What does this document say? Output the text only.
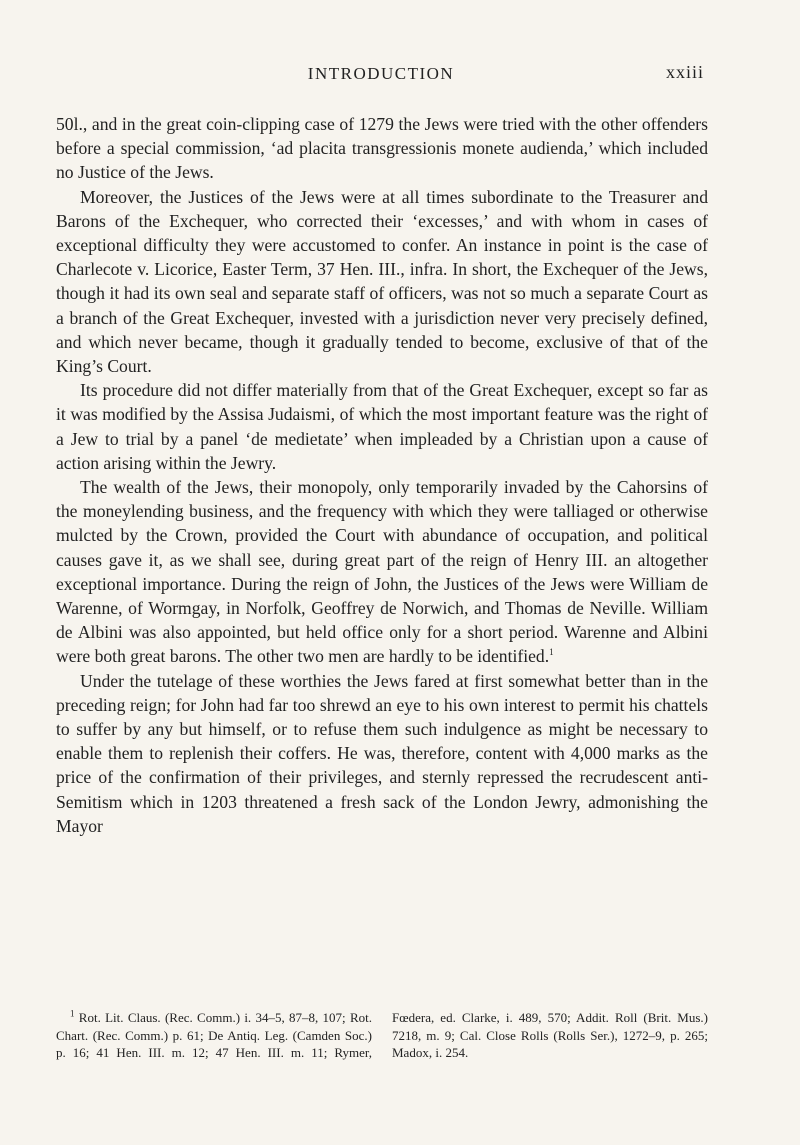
INTRODUCTION	xxiii

50l., and in the great coin-clipping case of 1279 the Jews were tried with the other offenders before a special commission, ‘ad placita transgressionis monete audienda,’ which included no Justice of the Jews.

Moreover, the Justices of the Jews were at all times subordinate to the Treasurer and Barons of the Exchequer, who corrected their ‘excesses,’ and with whom in cases of exceptional difficulty they were accustomed to confer. An instance in point is the case of Charlecote v. Licorice, Easter Term, 37 Hen. III., infra. In short, the Exchequer of the Jews, though it had its own seal and separate staff of officers, was not so much a separate Court as a branch of the Great Exchequer, invested with a jurisdiction never very precisely defined, and which never became, though it gradually tended to become, exclusive of that of the King’s Court.

Its procedure did not differ materially from that of the Great Exchequer, except so far as it was modified by the Assisa Judaismi, of which the most important feature was the right of a Jew to trial by a panel ‘de medietate’ when impleaded by a Christian upon a cause of action arising within the Jewry.

The wealth of the Jews, their monopoly, only temporarily invaded by the Cahorsins of the moneylending business, and the frequency with which they were talliaged or otherwise mulcted by the Crown, provided the Court with abundance of occupation, and political causes gave it, as we shall see, during great part of the reign of Henry III. an altogether exceptional importance. During the reign of John, the Justices of the Jews were William de Warenne, of Wormgay, in Norfolk, Geoffrey de Norwich, and Thomas de Neville. William de Albini was also appointed, but held office only for a short period. Warenne and Albini were both great barons. The other two men are hardly to be identified.$^1$

Under the tutelage of these worthies the Jews fared at first somewhat better than in the preceding reign; for John had far too shrewd an eye to his own interest to permit his chattels to suffer by any but himself, or to refuse them such indulgence as might be necessary to enable them to replenish their coffers. He was, therefore, content with 4,000 marks as the price of the confirmation of their privileges, and sternly repressed the recrudescent anti-Semitism which in 1203 threatened a fresh sack of the London Jewry, admonishing the Mayor

$^1$ Rot. Lit. Claus. (Rec. Comm.) i. 34–5, 87–8, 107; Rot. Chart. (Rec. Comm.) p. 61; De Antiq. Leg. (Camden Soc.) p. 16; 41 Hen. III. m. 12; 47 Hen. III. m. 11; Rymer, Fœdera, ed. Clarke, i. 489, 570; Addit. Roll (Brit. Mus.) 7218, m. 9; Cal. Close Rolls (Rolls Ser.), 1272–9, p. 265; Madox, i. 254.
